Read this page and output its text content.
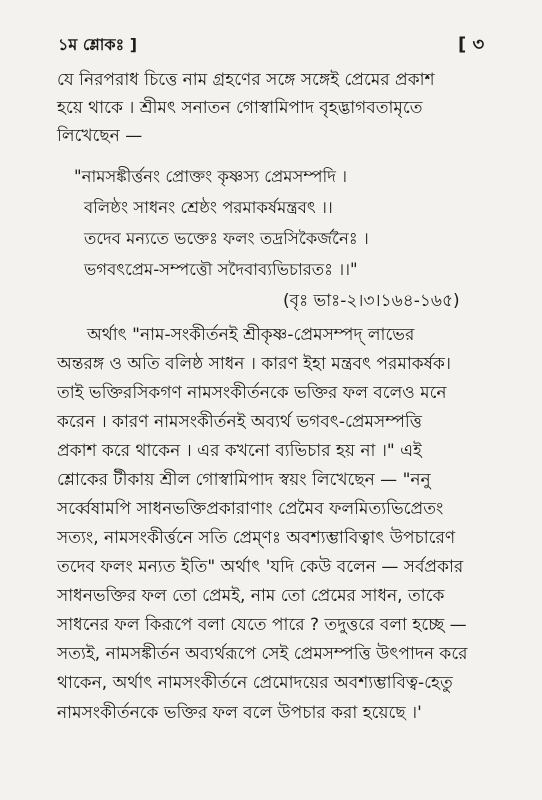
১ম শ্লোকঃ ]	[ ৩
যে নিরপরাধ চিত্তে নাম গ্রহণের সঙ্গে সঙ্গেই প্রেমের প্রকাশ
হয়ে থাকে । শ্রীমৎ সনাতন গোস্বামিপাদ বৃহদ্ভাগবতামৃতে
লিখেছেন —
"নামসঙ্কীর্ত্তনং প্রোক্তং কৃষ্ণস্য প্রেমসম্পদি ।
বলিষ্ঠং সাধনং শ্রেষ্ঠং পরমাকর্ষমন্ত্রবৎ ।।
তদেব মন্যতে ভক্তেঃ ফলং তদ্রসিকৈর্জনৈঃ ।
ভগবৎপ্রেম-সম্পত্তৌ সদৈবাব্যভিচারতঃ ।।"
(বৃঃ ভাঃ-২।৩।১৬৪-১৬৫)
অর্থাৎ "নাম-সংকীর্তনই শ্রীকৃষ্ণ-প্রেমসম্পদ্ লাভের
অন্তরঙ্গ ও অতি বলিষ্ঠ সাধন । কারণ ইহা মন্ত্রবৎ পরমাকর্ষক।
তাই ভক্তিরসিকগণ নামসংকীর্তনকে ভক্তির ফল বলেও মনে
করেন । কারণ নামসংকীর্তনই অব্যর্থ ভগবৎ-প্রেমসম্পত্তি
প্রকাশ করে থাকেন । এর কখনো ব্যভিচার হয় না ।" এই
শ্লোকের টীকায় শ্রীল গোস্বামিপাদ স্বয়ং লিখেছেন — "ননু
সর্ব্বেষামপি সাধনভক্তিপ্রকারাণাং প্রেমৈব ফলমিত্যভিপ্রেতং
সত্যং, নামসংকীর্ত্তনে সতি প্রেম্ণঃ অবশ্যম্ভাবিত্বাৎ উপচারেণ
তদেব ফলং মন্যত ইতি" অর্থাৎ 'যদি কেউ বলেন — সর্বপ্রকার
সাধনভক্তির ফল তো প্রেমই, নাম তো প্রেমের সাধন, তাকে
সাধনের ফল কিরূপে বলা যেতে পারে ? তদুত্তরে বলা হচ্ছে —
সত্যই, নামসঙ্কীর্তন অব্যর্থরূপে সেই প্রেমসম্পত্তি উৎপাদন করে
থাকেন, অর্থাৎ নামসংকীর্তনে প্রেমোদয়ের অবশ্যম্ভাবিত্ব-হেতু
নামসংকীর্তনকে ভক্তির ফল বলে উপচার করা হয়েছে ।'
